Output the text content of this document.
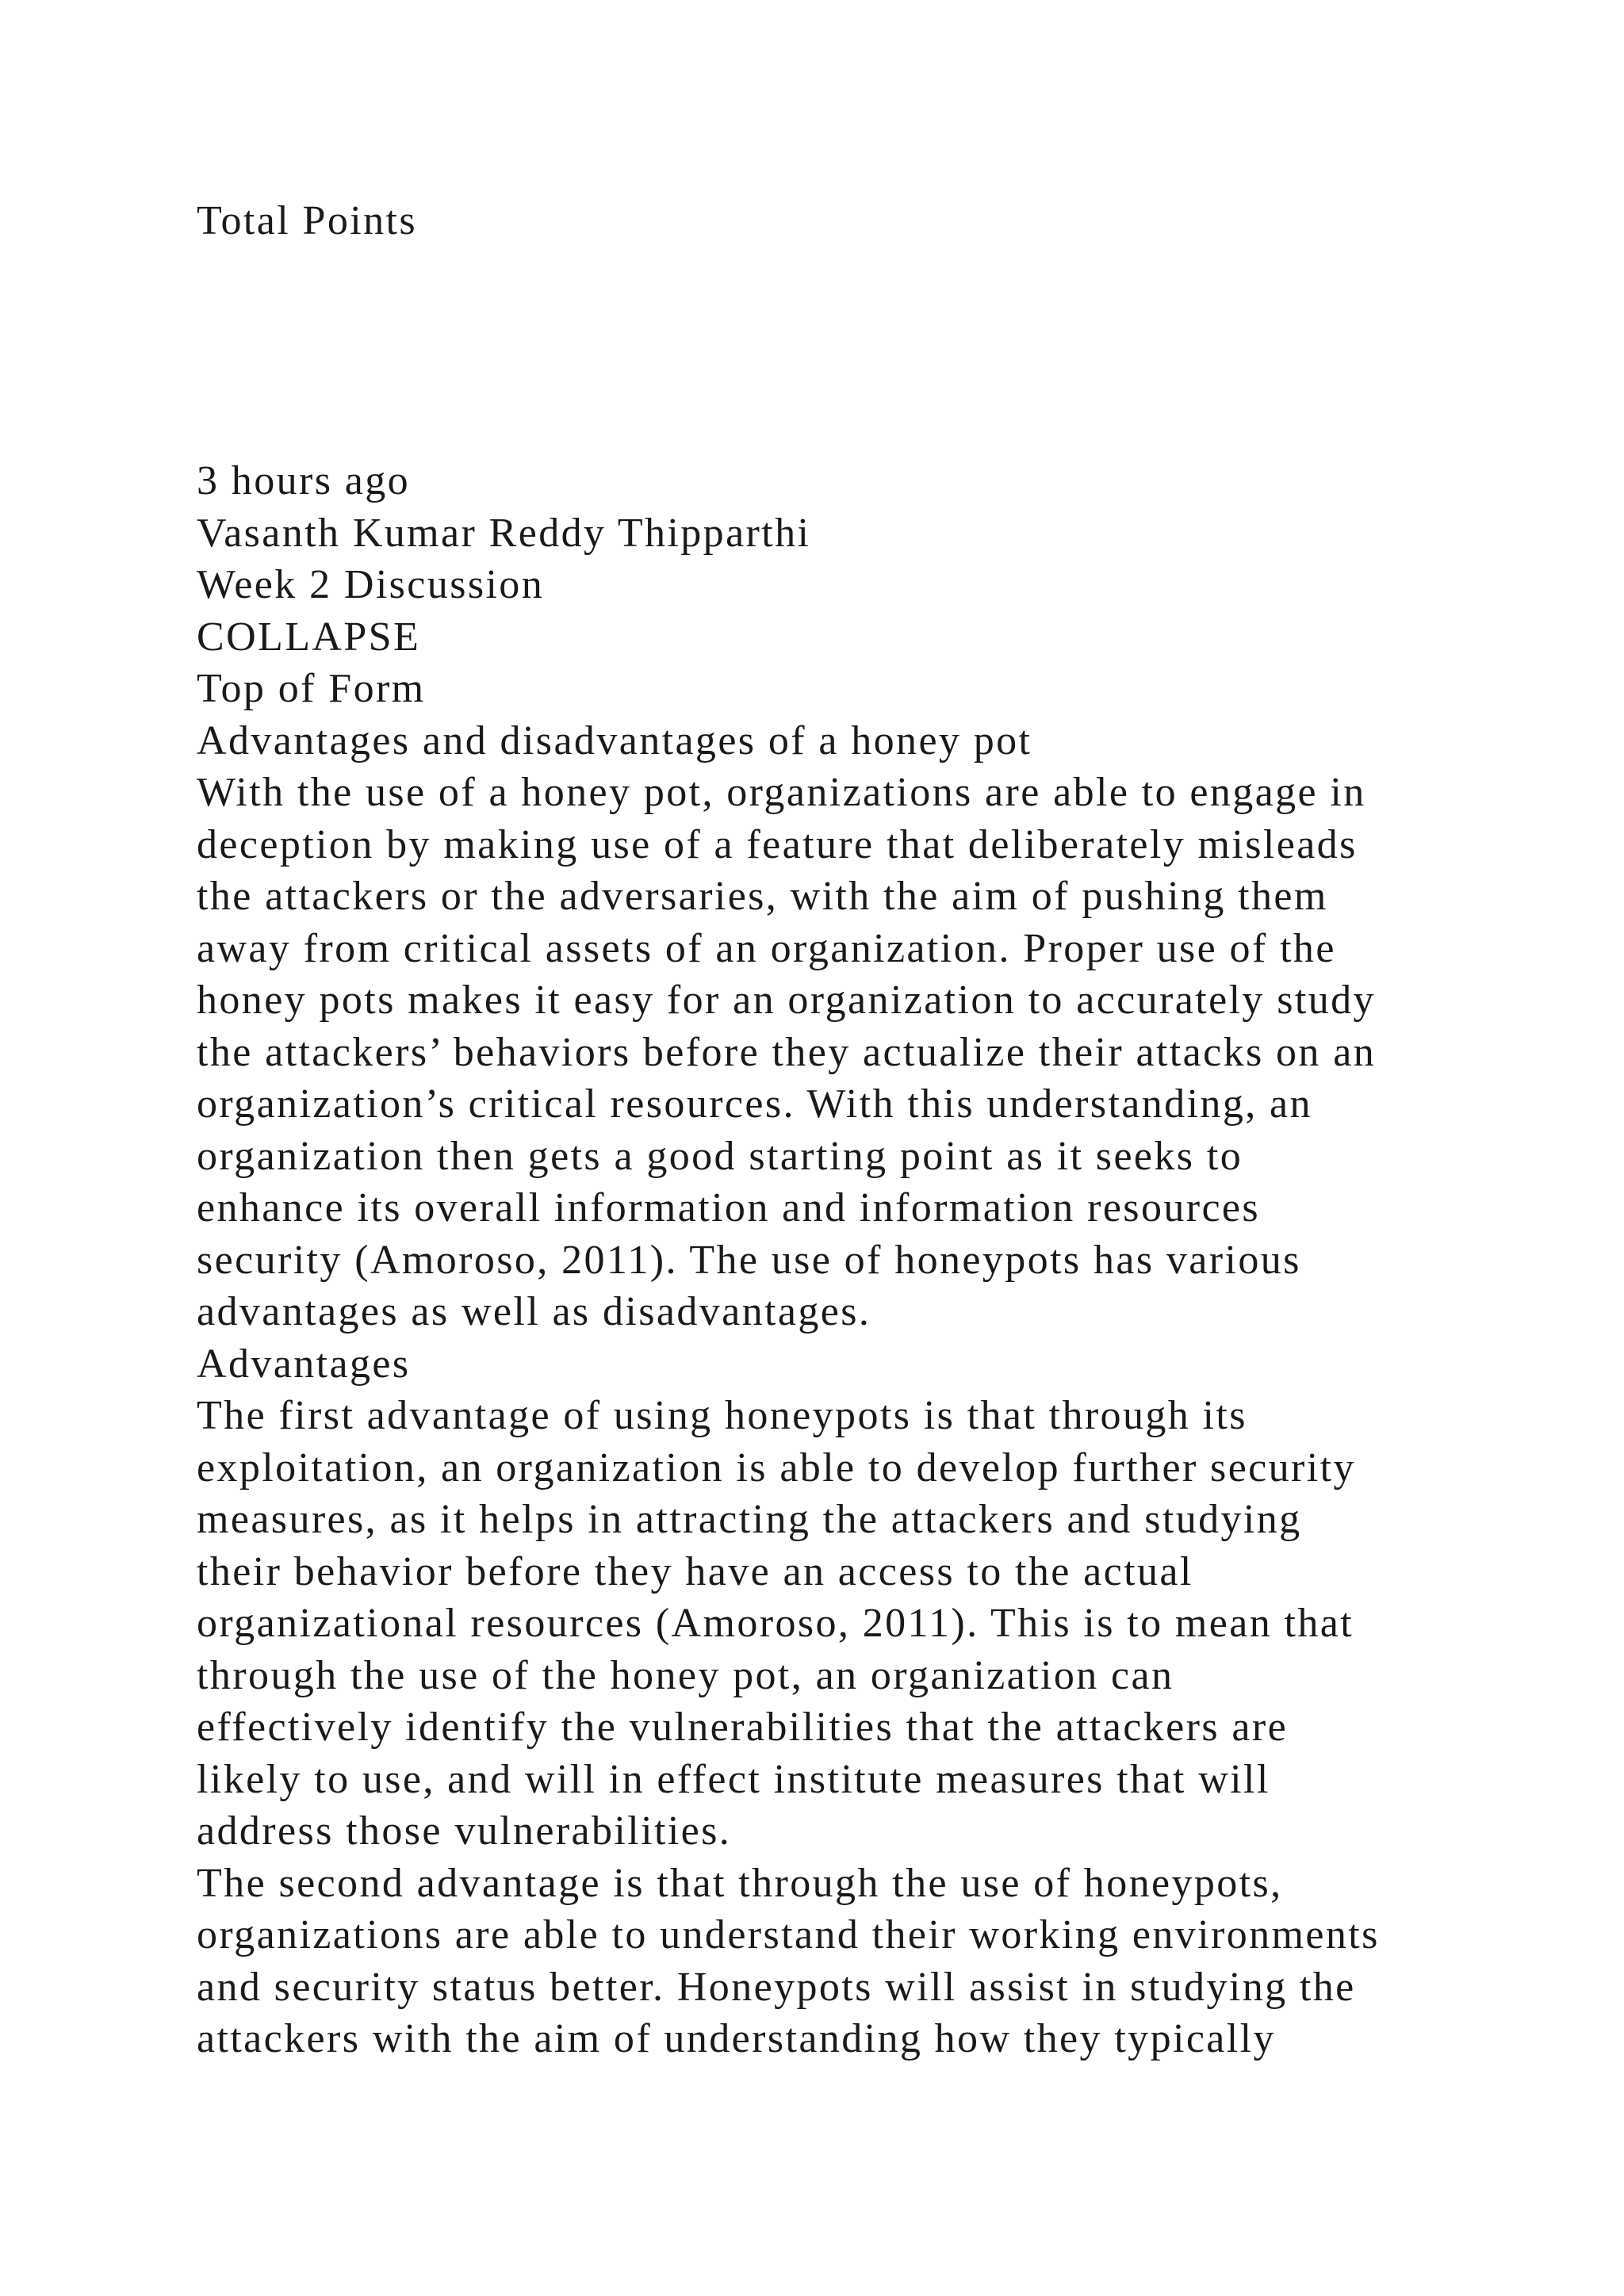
Total Points

3 hours ago

Vasanth Kumar Reddy Thipparthi

Week 2 Discussion

COLLAPSE

Top of Form

Advantages and disadvantages of a honey pot

With the use of a honey pot, organizations are able to engage in

deception by making use of a feature that deliberately misleads

the attackers or the adversaries, with the aim of pushing them

away from critical assets of an organization. Proper use of the

honey pots makes it easy for an organization to accurately study

the attackers’ behaviors before they actualize their attacks on an

organization’s critical resources. With this understanding, an

organization then gets a good starting point as it seeks to

enhance its overall information and information resources

security (Amoroso, 2011). The use of honeypots has various

advantages as well as disadvantages.

Advantages

The first advantage of using honeypots is that through its

exploitation, an organization is able to develop further security

measures, as it helps in attracting the attackers and studying

their behavior before they have an access to the actual

organizational resources (Amoroso, 2011). This is to mean that

through the use of the honey pot, an organization can

effectively identify the vulnerabilities that the attackers are

likely to use, and will in effect institute measures that will

address those vulnerabilities.

The second advantage is that through the use of honeypots,

organizations are able to understand their working environments

and security status better. Honeypots will assist in studying the

attackers with the aim of understanding how they typically
